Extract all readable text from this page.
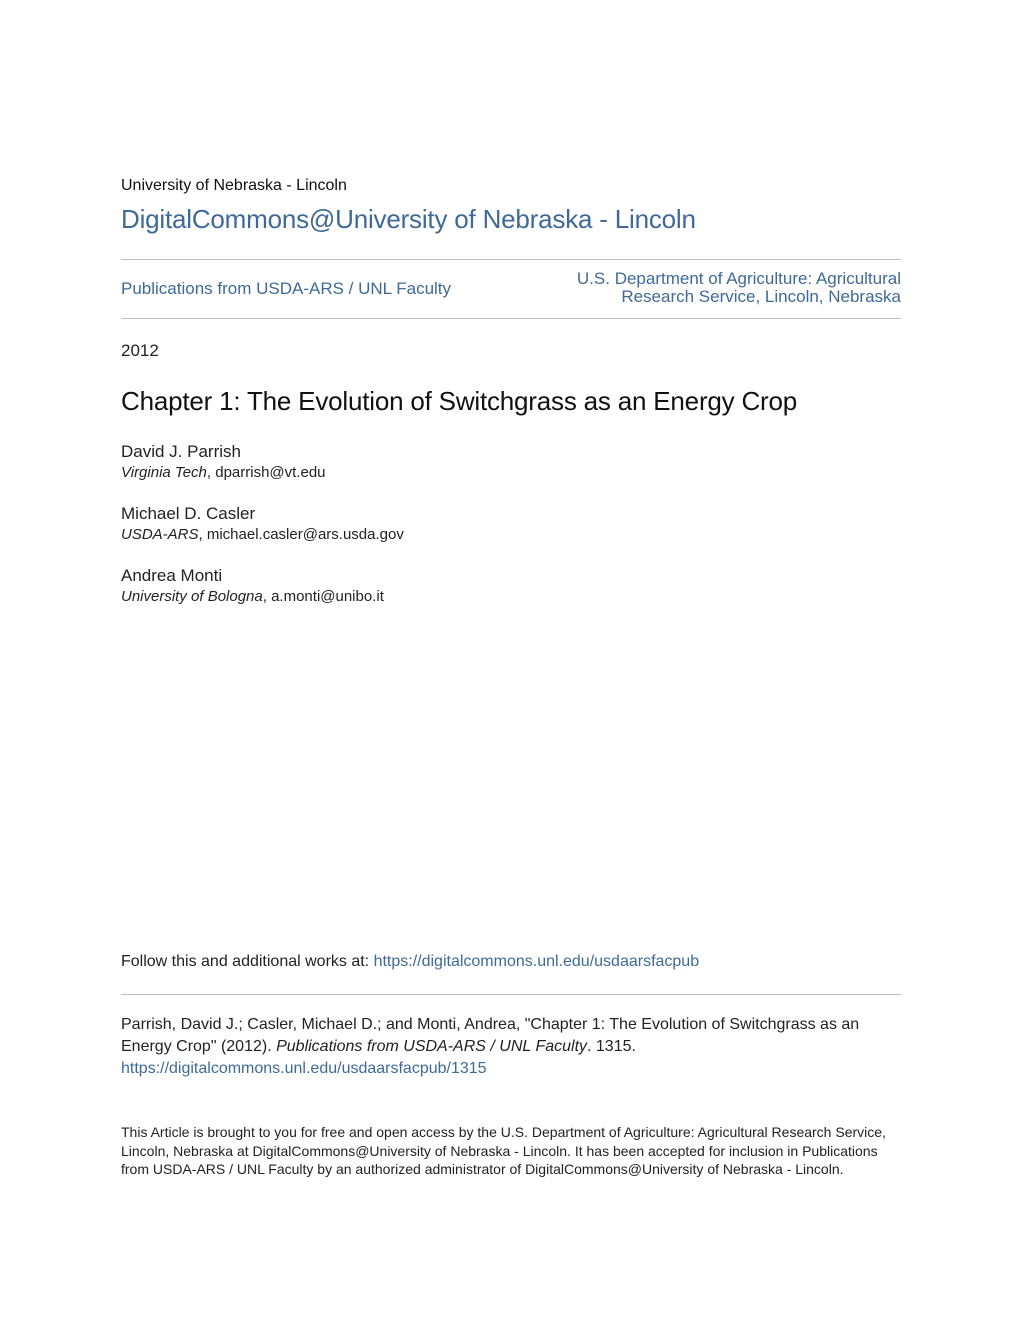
University of Nebraska - Lincoln
DigitalCommons@University of Nebraska - Lincoln
Publications from USDA-ARS / UNL Faculty
U.S. Department of Agriculture: Agricultural
Research Service, Lincoln, Nebraska
2012
Chapter 1: The Evolution of Switchgrass as an Energy Crop
David J. Parrish
Virginia Tech, dparrish@vt.edu
Michael D. Casler
USDA-ARS, michael.casler@ars.usda.gov
Andrea Monti
University of Bologna, a.monti@unibo.it
Follow this and additional works at: https://digitalcommons.unl.edu/usdaarsfacpub
Parrish, David J.; Casler, Michael D.; and Monti, Andrea, "Chapter 1: The Evolution of Switchgrass as an Energy Crop" (2012). Publications from USDA-ARS / UNL Faculty. 1315.
https://digitalcommons.unl.edu/usdaarsfacpub/1315
This Article is brought to you for free and open access by the U.S. Department of Agriculture: Agricultural Research Service, Lincoln, Nebraska at DigitalCommons@University of Nebraska - Lincoln. It has been accepted for inclusion in Publications from USDA-ARS / UNL Faculty by an authorized administrator of DigitalCommons@University of Nebraska - Lincoln.
